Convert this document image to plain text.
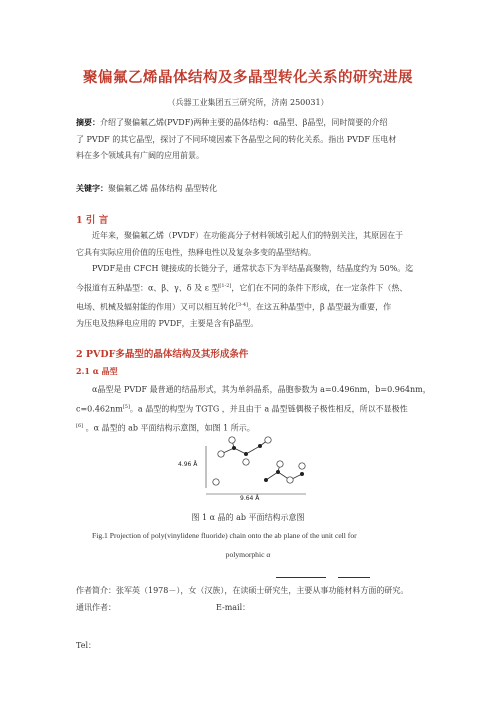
聚偏氟乙烯晶体结构及多晶型转化关系的研究进展
（兵器工业集团五三研究所，济南 250031）
摘要：介绍了聚偏氟乙烯(PVDF)两种主要的晶体结构：α晶型、β晶型，同时简要的介绍
了 PVDF 的其它晶型，探讨了不同环境因素下各晶型之间的转化关系。指出 PVDF 压电材
料在多个领域具有广阔的应用前景。
关键字：聚偏氟乙烯 晶体结构 晶型转化
1 引 言
近年来，聚偏氟乙烯（PVDF）在功能高分子材料领域引起人们的特别关注，其原因在于
它具有实际应用价值的压电性，热释电性以及复杂多变的晶型结构。
PVDF是由 CFCH 键接成的长链分子，通常状态下为半结晶高聚物，结晶度约为 50%。迄
今报道有五种晶型：α、β、γ、δ 及 ε 型[1-2]，它们在不同的条件下形成，在一定条件下（热、
电场、机械及辐射能的作用）又可以相互转化[3-4]。在这五种晶型中，β 晶型最为重要，作
为压电及热释电应用的 PVDF，主要是含有β晶型。
2 PVDF多晶型的晶体结构及其形成条件
2.1 α 晶型
α晶型是 PVDF 最普通的结晶形式，其为单斜晶系，晶胞参数为 a=0.496nm，b=0.964nm，
c=0.462nm[5]。a 晶型的构型为 TGTG ，并且由于 a 晶型链偶极子极性相反，所以不显极性
[6] 。α 晶型的 ab 平面结构示意图，如图 1 所示。
4.96 Å
9.64 Å
图 1 α 晶的 ab 平面结构示意图
Fig.1 Projection of poly(vinylidene fluoride) chain onto the ab plane of the unit cell for
polymorphic α
作者简介：张军英（1978－），女（汉族），在读硕士研究生，主要从事功能材料方面的研究。
通讯作者：	E-mail：
Tel：
